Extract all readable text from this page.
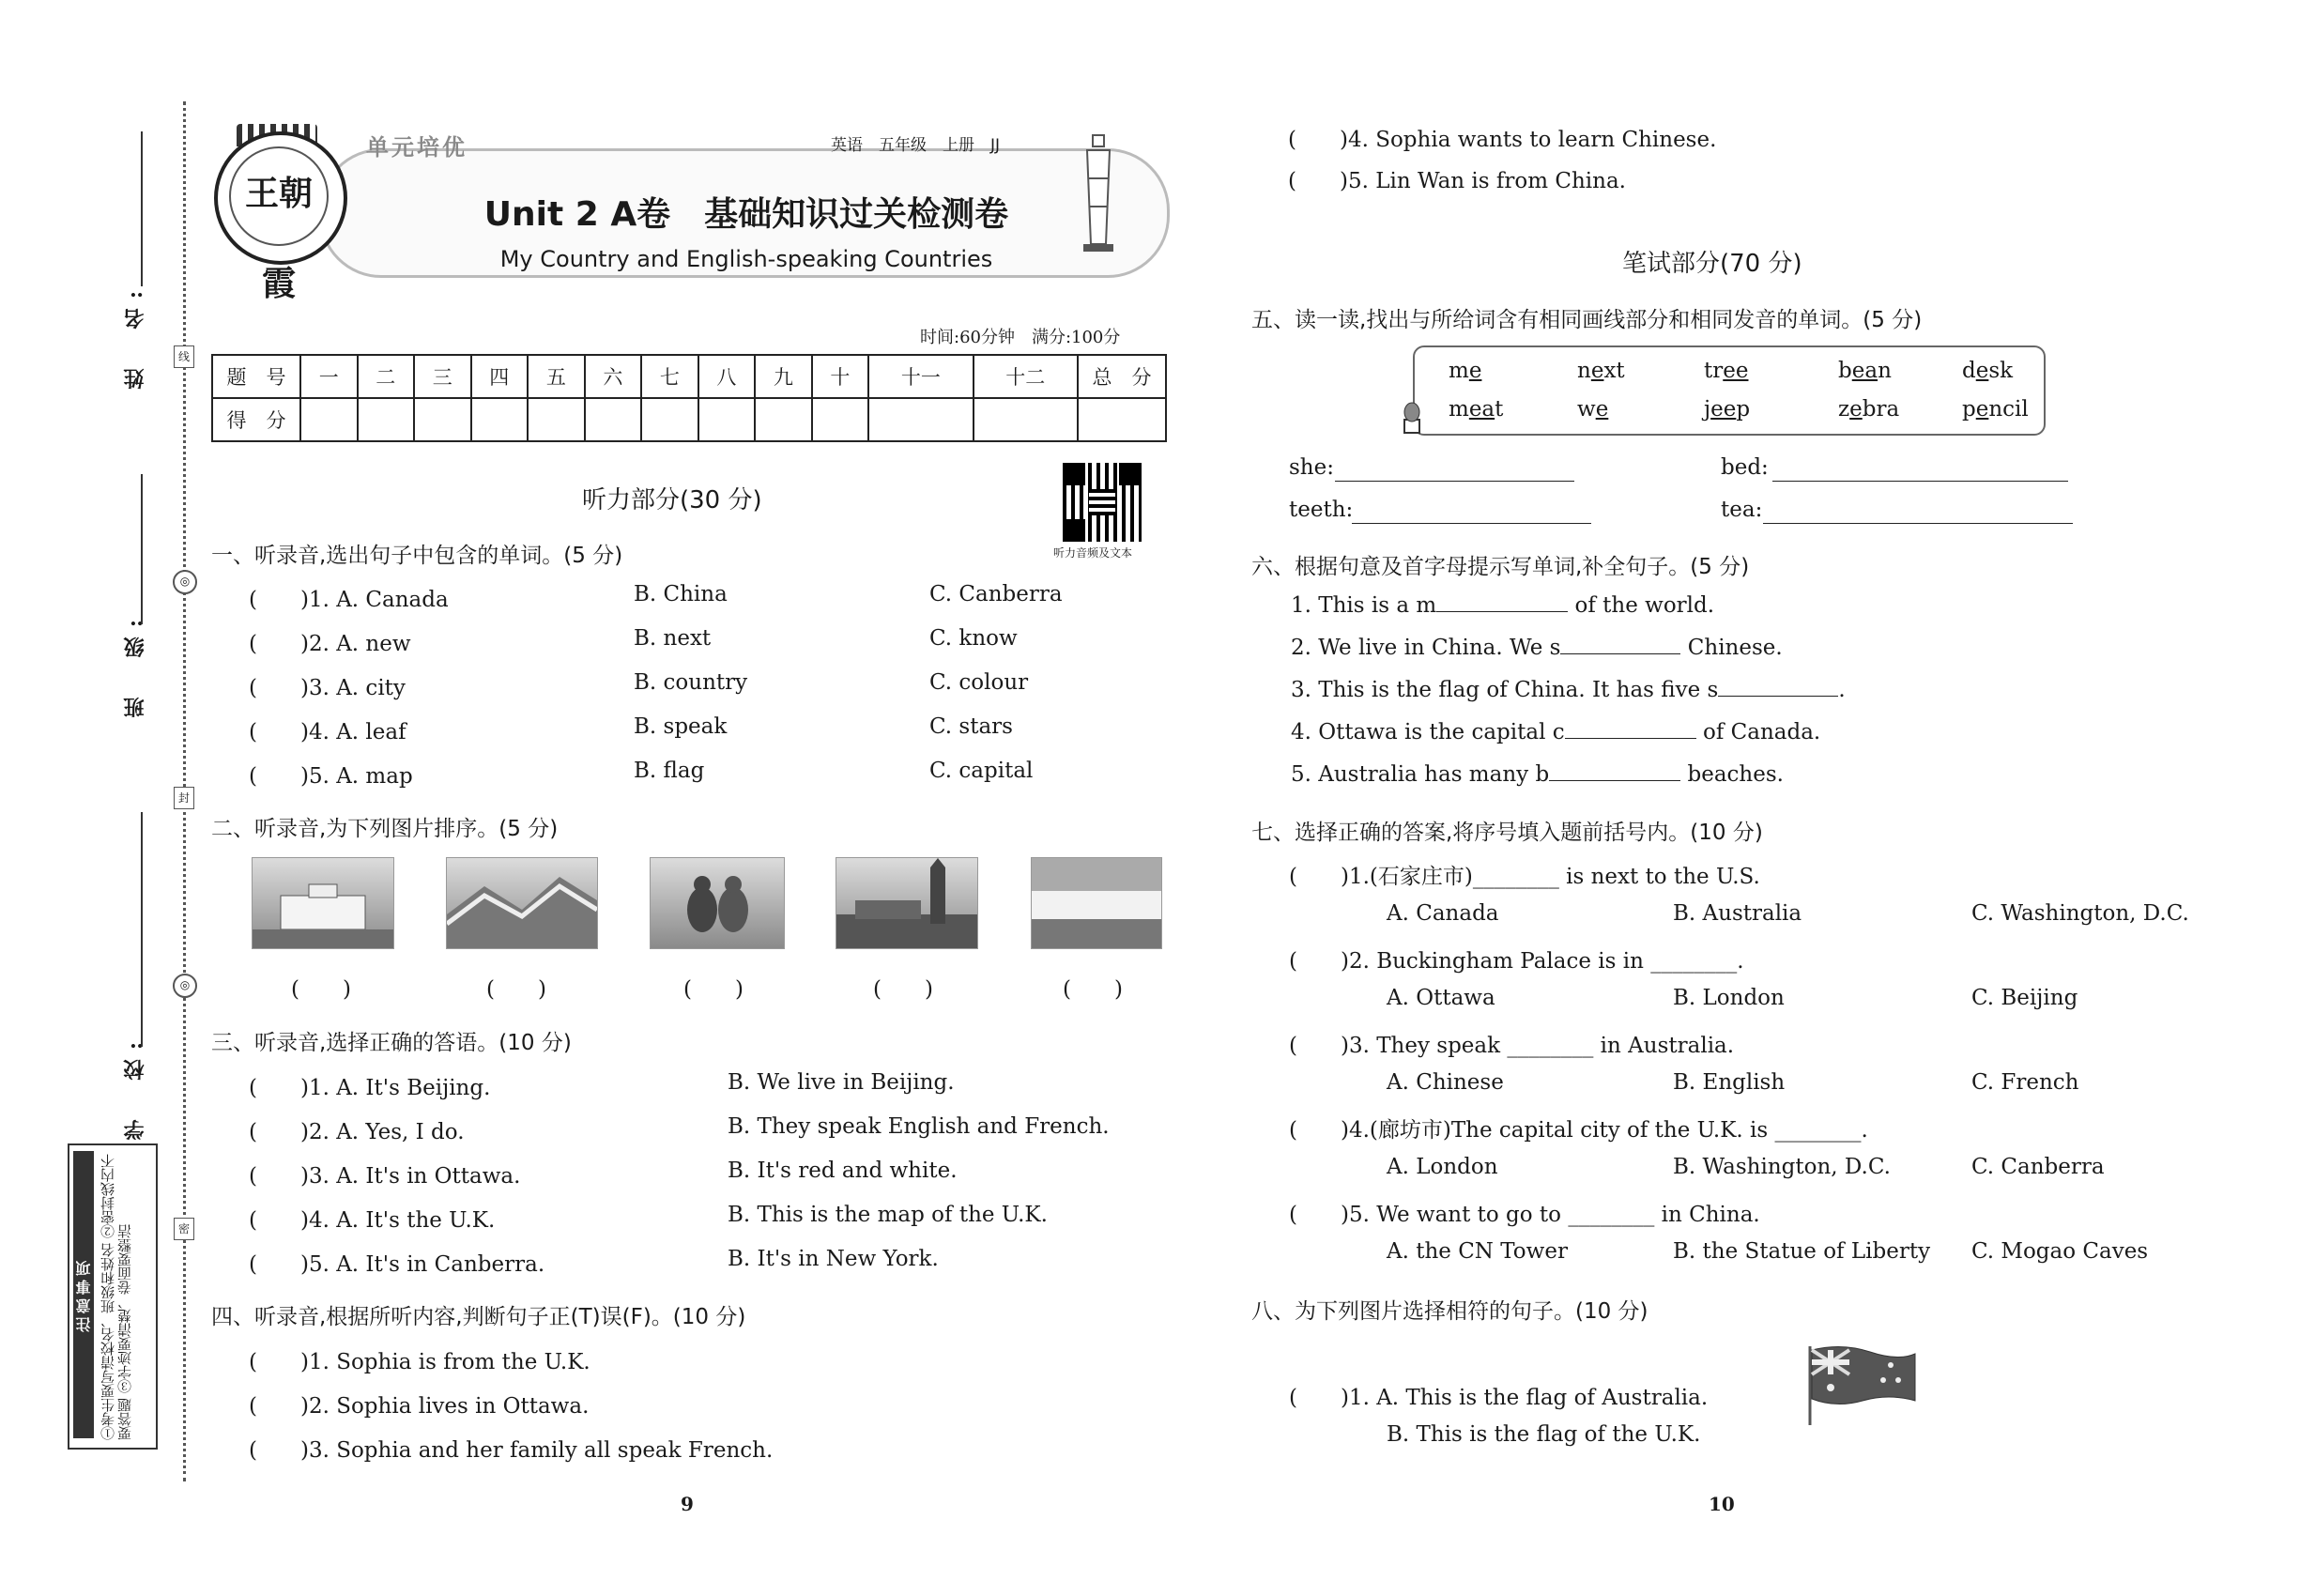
姓　名:
班　级:
学　校:
线
◎
封
◎
密
注意事项 ①考生要写清校名、班级和姓名 ②密封线内不要答题 ③字迹要清楚、卷面要整洁
王朝霞
单元培优	英语　五年级　上册　JJ
Unit 2 A卷　基础知识过关检测卷
My Country and English-speaking Countries
时间:60分钟　满分:100分
题　号	一	二	三	四	五	六	七	八	九	十	十一	十二	总　分
得　分													
听力部分(30 分)
听力音频及文本
一、听录音,选出句子中包含的单词。(5 分)
(　　)1. A. Canada	B. China	C. Canberra
(　　)2. A. new	B. next	C. know
(　　)3. A. city	B. country	C. colour
(　　)4. A. leaf	B. speak	C. stars
(　　)5. A. map	B. flag	C. capital
二、听录音,为下列图片排序。(5 分)
(　　)	(　　)	(　　)	(　　)	(　　)
三、听录音,选择正确的答语。(10 分)
(　　)1. A. It's Beijing.	B. We live in Beijing.
(　　)2. A. Yes, I do.	B. They speak English and French.
(　　)3. A. It's in Ottawa.	B. It's red and white.
(　　)4. A. It's the U.K.	B. This is the map of the U.K.
(　　)5. A. It's in Canberra.	B. It's in New York.
四、听录音,根据所听内容,判断句子正(T)误(F)。(10 分)
(　　)1. Sophia is from the U.K.
(　　)2. Sophia lives in Ottawa.
(　　)3. Sophia and her family all speak French.
9
(　　)4. Sophia wants to learn Chinese.
(　　)5. Lin Wan is from China.
笔试部分(70 分)
五、读一读,找出与所给词含有相同画线部分和相同发音的单词。(5 分)
me	next	tree	bean	desk
meat	we	jeep	zebra	pencil
she:	bed:
teeth:	tea:
六、根据句意及首字母提示写单词,补全句子。(5 分)
1. This is a m	of the world.
2. We live in China. We s	Chinese.
3. This is the flag of China. It has five s	.
4. Ottawa is the capital c	of Canada.
5. Australia has many b	beaches.
七、选择正确的答案,将序号填入题前括号内。(10 分)
(　　)1.(石家庄市)________ is next to the U.S.
A. Canada	B. Australia	C. Washington, D.C.
(　　)2. Buckingham Palace is in ________.
A. Ottawa	B. London	C. Beijing
(　　)3. They speak ________ in Australia.
A. Chinese	B. English	C. French
(　　)4.(廊坊市)The capital city of the U.K. is ________.
A. London	B. Washington, D.C.	C. Canberra
(　　)5. We want to go to ________ in China.
A. the CN Tower	B. the Statue of Liberty C. Mogao Caves
八、为下列图片选择相符的句子。(10 分)
(　　)1. A. This is the flag of Australia.
B. This is the flag of the U.K.
10
